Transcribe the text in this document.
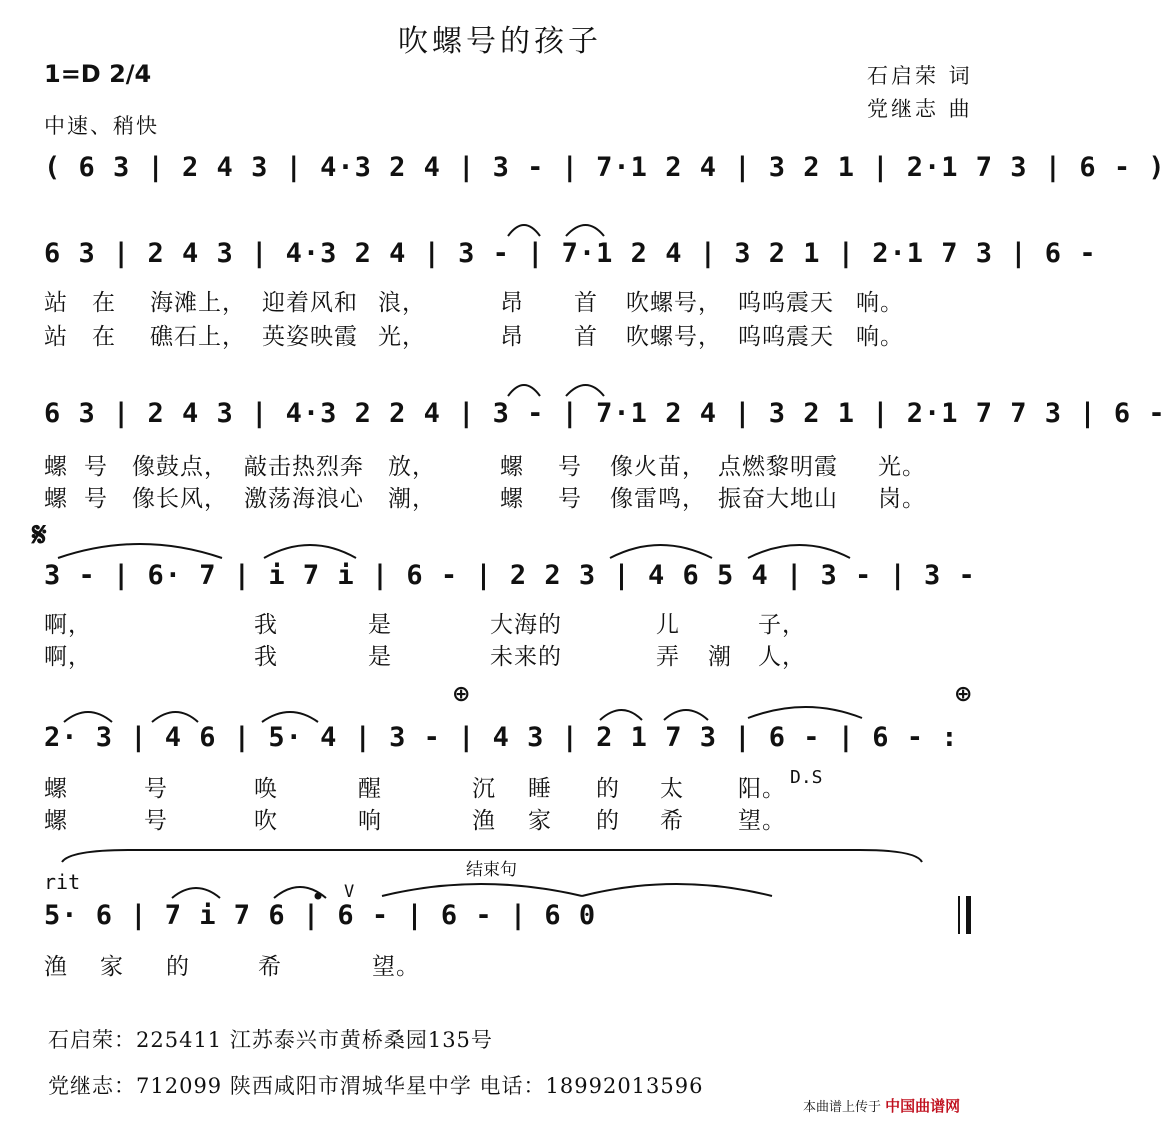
吹螺号的孩子
石启荣 词
党继志 曲
1=D 2/4
中速、稍快
( 6 3 | 2 4 3 | 4·3 2 4 | 3 - | 7·1 2 4 | 3 2 1 | 2·1 7 3 | 6 - )
6 3 | 2 4 3 | 4·3 2 4 | 3 - | 7·1 2 4 | 3 2 1 | 2·1 7 3 | 6 -
站 在 海滩上， 迎着风和 浪，	昂 首 吹螺号， 呜呜震天 响。
站 在 礁石上， 英姿映霞 光，	昂 首 吹螺号， 呜呜震天 响。
6 3 | 2 4 3 | 4·3 2 2 4 | 3 - | 7·1 2 4 | 3 2 1 | 2·1 7 7 3 | 6 -
螺 号 像鼓点， 敲击热烈奔 放，	螺 号 像火苗， 点燃黎明霞 光。
螺 号 像长风， 激荡海浪心 潮，	螺 号 像雷鸣， 振奋大地山 岗。
𝄋
3 - | 6· 7 | i 7 i | 6 - | 2 2 3 | 4 6 5 4 | 3 - | 3 -
啊，	我	是	大海的	儿	子，
啊，	我	是	未来的	弄 潮 人，
⊕	⊕
2· 3 | 4 6 | 5· 4 | 3 - | 4 3 | 2 1 7 3 | 6 - | 6 - :
螺	号	唤	醒	沉 睡 的 太 阳。 D.S
螺	号	吹	响	渔 家 的 希 望。
rit	结束句
V
5· 6 | 7 i 7 6 | 6 - | 6 - | 6 0
渔 家 的	希	望。
石启荣：225411 江苏泰兴市黄桥桑园135号
党继志：712099 陕西咸阳市渭城华星中学 电话：18992013596
本曲谱上传于 中国曲谱网
